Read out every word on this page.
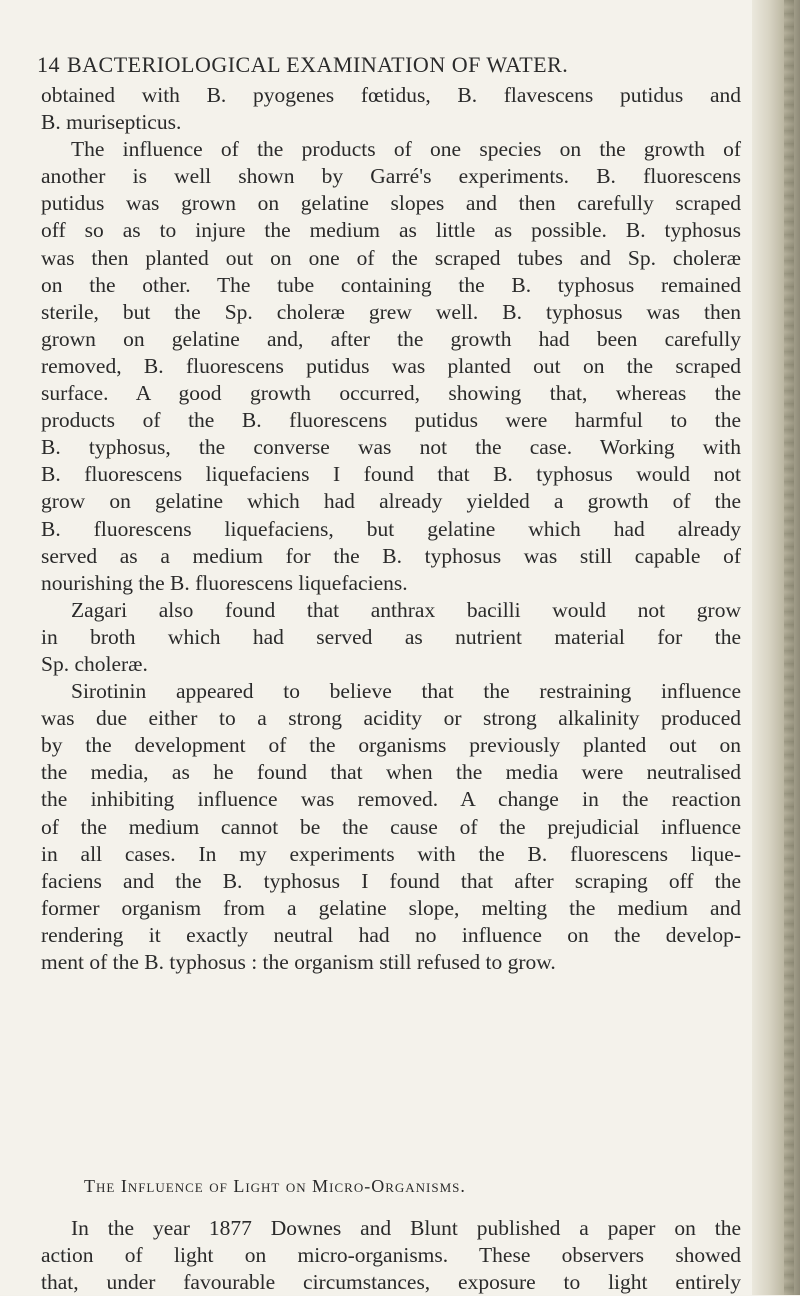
14 BACTERIOLOGICAL EXAMINATION OF WATER.
obtained with B. pyogenes fœtidus, B. flavescens putidus and
B. murisepticus.
The influence of the products of one species on the growth of
another is well shown by Garré's experiments. B. fluorescens
putidus was grown on gelatine slopes and then carefully scraped
off so as to injure the medium as little as possible. B. typhosus
was then planted out on one of the scraped tubes and Sp. choleræ
on the other. The tube containing the B. typhosus remained
sterile, but the Sp. choleræ grew well. B. typhosus was then
grown on gelatine and, after the growth had been carefully
removed, B. fluorescens putidus was planted out on the scraped
surface. A good growth occurred, showing that, whereas the
products of the B. fluorescens putidus were harmful to the
B. typhosus, the converse was not the case. Working with
B. fluorescens liquefaciens I found that B. typhosus would not
grow on gelatine which had already yielded a growth of the
B. fluorescens liquefaciens, but gelatine which had already
served as a medium for the B. typhosus was still capable of
nourishing the B. fluorescens liquefaciens.
Zagari also found that anthrax bacilli would not grow
in broth which had served as nutrient material for the
Sp. choleræ.
Sirotinin appeared to believe that the restraining influence
was due either to a strong acidity or strong alkalinity produced
by the development of the organisms previously planted out on
the media, as he found that when the media were neutralised
the inhibiting influence was removed. A change in the reaction
of the medium cannot be the cause of the prejudicial influence
in all cases. In my experiments with the B. fluorescens lique-
faciens and the B. typhosus I found that after scraping off the
former organism from a gelatine slope, melting the medium and
rendering it exactly neutral had no influence on the develop-
ment of the B. typhosus : the organism still refused to grow.
The Influence of Light on Micro-Organisms.
In the year 1877 Downes and Blunt published a paper on the
action of light on micro-organisms. These observers showed
that, under favourable circumstances, exposure to light entirely
